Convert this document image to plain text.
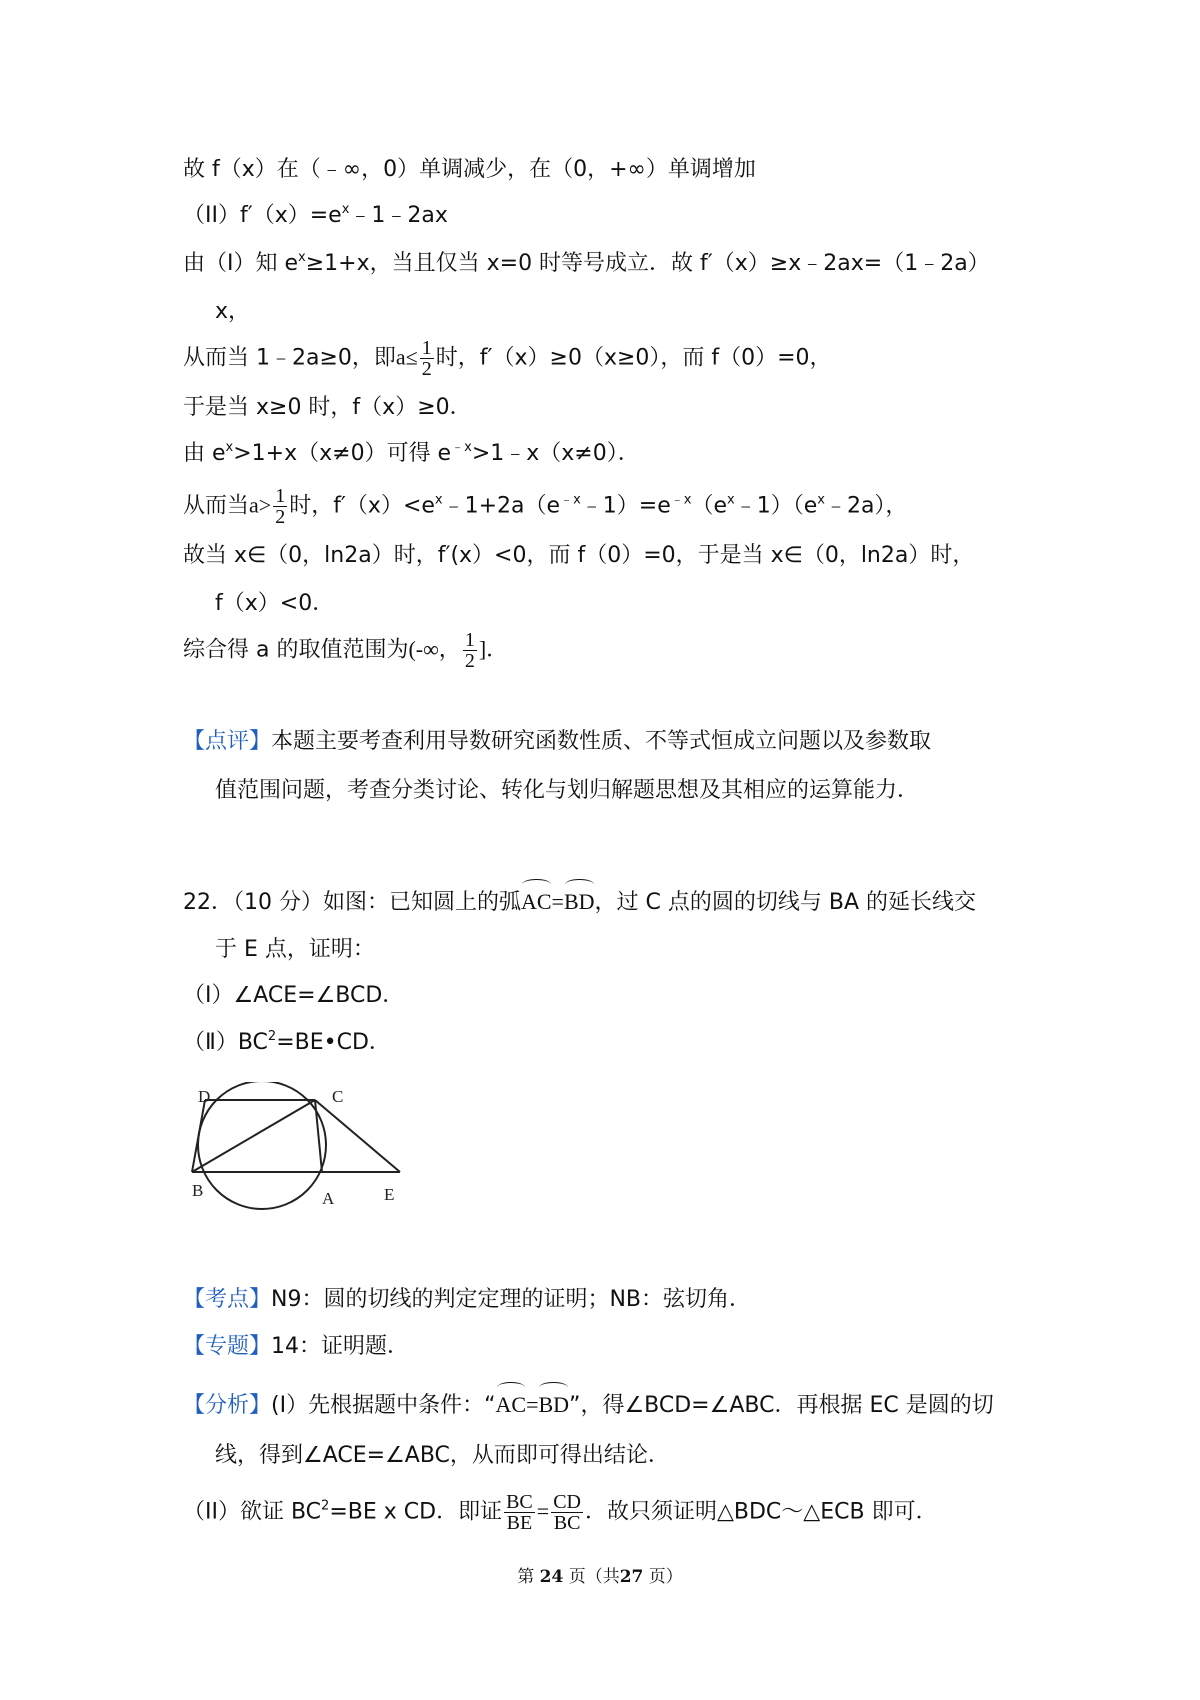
故 f（x）在（﹣∞，0）单调减少，在（0，+∞）单调增加
$(II)f'(x)=e^x﹣1﹣2ax$
由（I）知 $e^x\ge 1+x$，当且仅当 x=0 时等号成立．故 f′（x）≥x﹣2ax=（1﹣2a）
x，
从而当 1﹣2a≥0，即$a\le \frac{1}{2}$ 时，f′（x）≥0（x≥0），而 f（0）=0，
于是当 x≥0 时，f（x）≥0．
由 $e^x>1+x(x\ne 0)$可得 $e^{﹣x}>1﹣x(x\ne 0)$．
从而当$a> \frac{1}{2}$ 时，$f'(x)<e^x﹣1+2a(e^{﹣x}﹣1)=e^{﹣x}(e^x﹣1)(e^x﹣2a)$，
故当 x∈（0，ln2a）时，f′(x）<0，而 f（0）=0，于是当 x∈（0，ln2a）时，
f（x）<0．
综合得 a 的取值范围为(-∞， $\frac{1}{2}$ ]．
【点评】本题主要考查利用导数研究函数性质、不等式恒成立问题以及参数取
值范围问题，考查分类讨论、转化与划归解题思想及其相应的运算能力．
22．（10 分）如图：已知圆上的弧AC=BD，过 C 点的圆的切线与 BA 的延长线交
于 E 点，证明：
（Ⅰ）∠ACE=∠BCD．
$(Ⅱ)BC^2=BE•CD$．
D	C
B	A	E
【考点】N9：圆的切线的判定定理的证明；NB：弦切角．
【专题】14：证明题．
【分析】(I）先根据题中条件：“AC=BD”，得∠BCD=∠ABC．再根据 EC 是圆的切
线，得到∠ACE=∠ABC，从而即可得出结论．
（II）欲证 $BC^2=BE$ x CD．即证 $\frac{BC}{BE} = \frac{CD}{BC}$ ．故只须证明△BDC～△ECB 即可．
第 24 页（共27 页）
